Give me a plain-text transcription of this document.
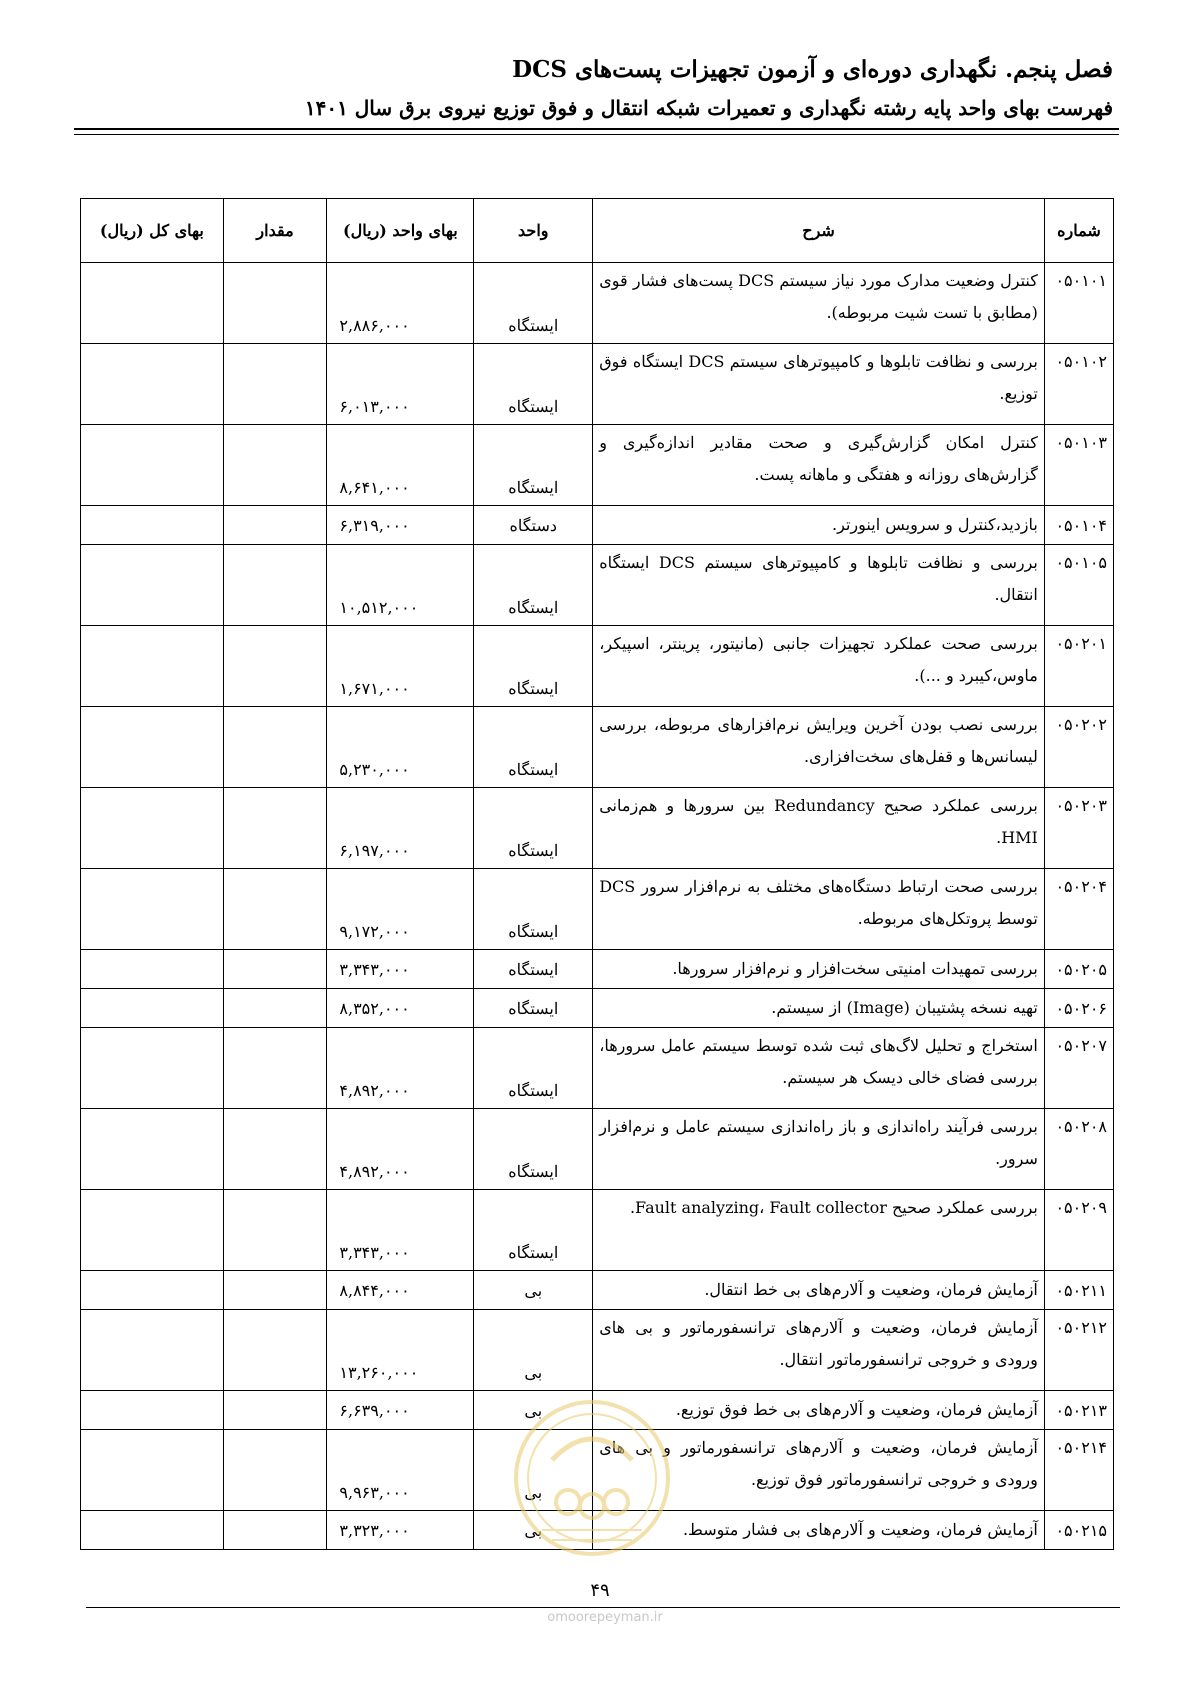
فصل پنجم. نگهداری دوره‌ای و آزمون تجهیزات پست‌های DCS
فهرست بهای واحد پایه رشته نگهداری و تعمیرات شبکه انتقال و فوق توزیع نیروی برق سال ۱۴۰۱
شماره	شرح	واحد	بهای واحد (ریال)	مقدار	بهای کل (ریال)
۰۵۰۱۰۱	کنترل وضعیت مدارک مورد نیاز سیستم DCS پست‌های فشار قوی (مطابق با تست شیت مربوطه).	ایستگاه	۲,۸۸۶,۰۰۰		
۰۵۰۱۰۲	بررسی و نظافت تابلوها و کامپیوترهای سیستم DCS ایستگاه فوق توزیع.	ایستگاه	۶,۰۱۳,۰۰۰		
۰۵۰۱۰۳	کنترل امکان گزارش‌گیری و صحت مقادیر اندازه‌گیری و گزارش‌های روزانه و هفتگی و ماهانه پست.	ایستگاه	۸,۶۴۱,۰۰۰		
۰۵۰۱۰۴	بازدید،کنترل و سرویس اینورتر.	دستگاه	۶,۳۱۹,۰۰۰		
۰۵۰۱۰۵	بررسی و نظافت تابلوها و کامپیوترهای سیستم DCS ایستگاه انتقال.	ایستگاه	۱۰,۵۱۲,۰۰۰		
۰۵۰۲۰۱	بررسی صحت عملکرد تجهیزات جانبی (مانیتور، پرینتر، اسپیکر، ماوس،کیبرد و ...).	ایستگاه	۱,۶۷۱,۰۰۰		
۰۵۰۲۰۲	بررسی نصب بودن آخرین ویرایش نرم‌افزارهای مربوطه، بررسی لیسانس‌ها و قفل‌های سخت‌افزاری.	ایستگاه	۵,۲۳۰,۰۰۰		
۰۵۰۲۰۳	بررسی عملکرد صحیح Redundancy بین سرورها و هم‌زمانی HMI.	ایستگاه	۶,۱۹۷,۰۰۰		
۰۵۰۲۰۴	بررسی صحت ارتباط دستگاه‌های مختلف به نرم‌افزار سرور DCS توسط پروتکل‌های مربوطه.	ایستگاه	۹,۱۷۲,۰۰۰		
۰۵۰۲۰۵	بررسی تمهیدات امنیتی سخت‌افزار و نرم‌افزار سرورها.	ایستگاه	۳,۳۴۳,۰۰۰		
۰۵۰۲۰۶	تهیه نسخه پشتیبان (Image) از سیستم.	ایستگاه	۸,۳۵۲,۰۰۰		
۰۵۰۲۰۷	استخراج و تحلیل لاگ‌های ثبت شده توسط سیستم عامل سرورها، بررسی فضای خالی دیسک هر سیستم.	ایستگاه	۴,۸۹۲,۰۰۰		
۰۵۰۲۰۸	بررسی فرآیند راه‌اندازی و باز راه‌اندازی سیستم عامل و نرم‌افزار سرور.	ایستگاه	۴,۸۹۲,۰۰۰		
۰۵۰۲۰۹	بررسی عملکرد صحیح Fault analyzing، Fault collector.	ایستگاه	۳,۳۴۳,۰۰۰		
۰۵۰۲۱۱	آزمایش فرمان، وضعیت و آلارم‌های بی خط انتقال.	بی	۸,۸۴۴,۰۰۰		
۰۵۰۲۱۲	آزمایش فرمان، وضعیت و آلارم‌های ترانسفورماتور و بی های ورودی و خروجی ترانسفورماتور انتقال.	بی	۱۳,۲۶۰,۰۰۰		
۰۵۰۲۱۳	آزمایش فرمان، وضعیت و آلارم‌های بی خط فوق توزیع.	بی	۶,۶۳۹,۰۰۰		
۰۵۰۲۱۴	آزمایش فرمان، وضعیت و آلارم‌های ترانسفورماتور و بی های ورودی و خروجی ترانسفورماتور فوق توزیع.	بی	۹,۹۶۳,۰۰۰		
۰۵۰۲۱۵	آزمایش فرمان، وضعیت و آلارم‌های بی فشار متوسط.	بی	۳,۳۲۳,۰۰۰		
۴۹
omoorepeyman.ir
